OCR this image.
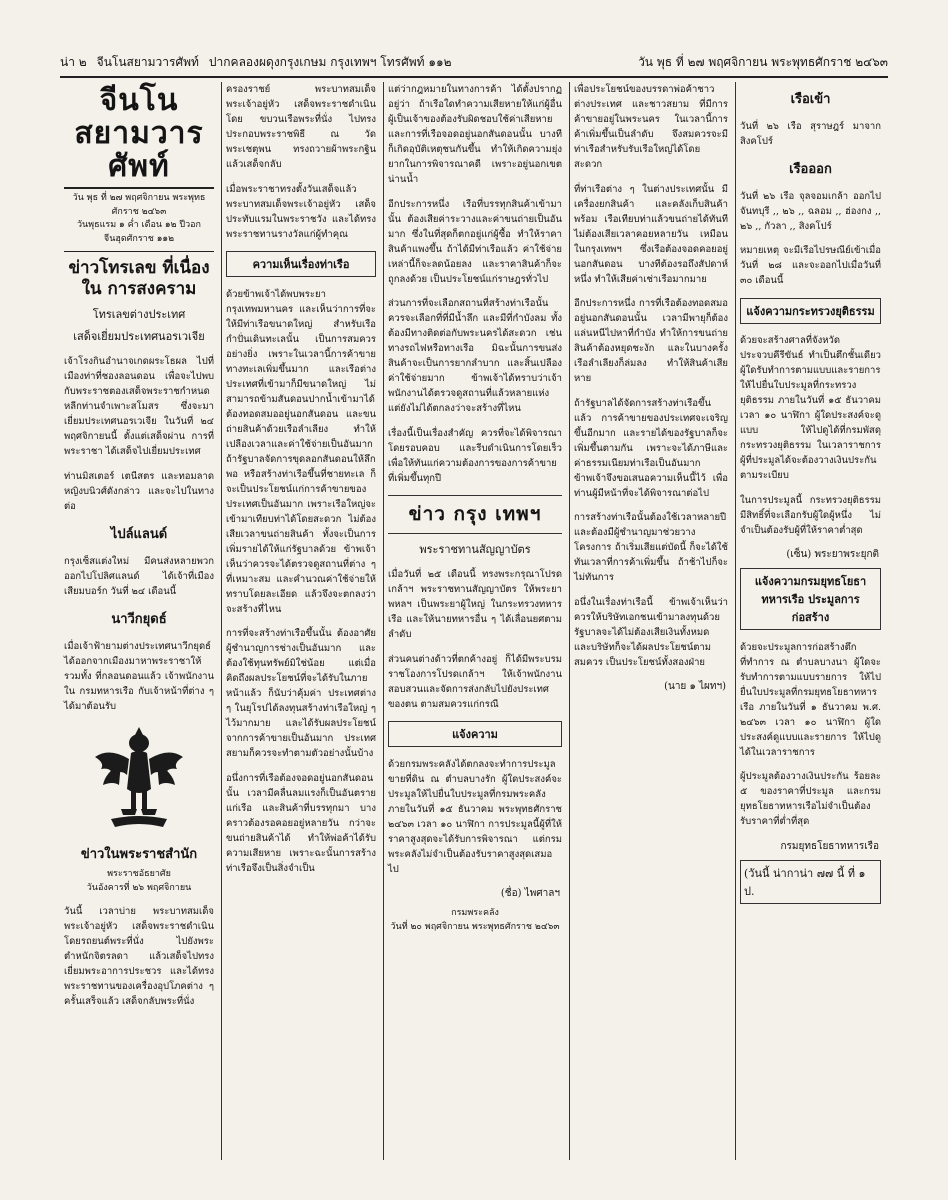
น่า ๒ จีนโนสยามวารศัพท์ ปากคลองผดุงกรุงเกษม กรุงเทพฯ โทรศัพท์ ๑๑๒	วัน พุธ ที่ ๒๗ พฤศจิกายน พระพุทธศักราช ๒๔๖๓
จีนโนสยามวารศัพท์
วัน พุธ ที่ ๒๗ พฤศจิกายน พระพุทธศักราช ๒๔๖๓
วันพุธแรม ๑ ค่ำ เดือน ๑๒ ปีวอก
จีนฮุดศักราช ๑๑๒
ข่าวโทรเลข ที่เนื่องใน การสงคราม
โทรเลขต่างประเทศ
เสด็จเยี่ยมประเทศนอรเวเจีย

เจ้าโรงกินอำนาจเกดผระโธผล ไปที่เมืองท่าที่ชองลอนดอน เพื่อจะไปพบกับพระราชตองเสด็จพระราชกำหนด หลีกท่านจำเพาะสโมสร ซึ่งจะมาเยี่ยมประเทศนอรเวเจีย ในวันที่ ๒๔ พฤศจิกายนนี้ ตั้งแต่เสด็จผ่าน การที่พระราชา ได้เสด็จไปเยี่ยมประเทศ

ท่านมิสเตอร์ เตนีสตร และทอมลาดหญิงบนิวศ์ดังกล่าว และจะไปในทางต่อ

ไปล์แลนด์

กรุงเซ็สแต่งใหม่ มีคนส่งหลายพวกออกไปโปลิศแลนด์ ได้เจ้าที่เมือง เสียมบอร์ก วันที่ ๒๔ เดือนนี้

นาวีกยุดธ์

เมื่อเจ้าฟ้ายามต่างประเทศนาวีกยุดธ์ ได้ออกจากเมืองมาหาพระราชาให้ รวมทั้ง ที่กลอนดอนแล้ว เจ้าพนักงานใน กรมทหารเรือ กับเจ้าหน้าที่ต่าง ๆ ได้มาต้อนรับ

ข่าวในพระราชสำนัก
พระราชอัธยาศัย
วันอังคารที่ ๒๖ พฤศจิกายน

วันนี้ เวลาบ่าย พระบาทสมเด็จพระเจ้าอยู่หัว เสด็จพระราชดำเนินโดยรถยนต์พระที่นั่ง ไปยังพระตำหนักจิตรลดา แล้วเสด็จไปทรงเยี่ยมพระอาการประชวร และได้ทรงพระราชทานของเครื่องอุปโภคต่าง ๆ ครั้นเสร็จแล้ว เสด็จกลับพระที่นั่ง

ครองราชย์ พระบาทสมเด็จพระเจ้าอยู่หัว เสด็จพระราชดำเนินโดย ขบวนเรือพระที่นั่ง ไปทรงประกอบพระราชพิธี ณ วัดพระเชตุพน ทรงถวายผ้าพระกฐิน แล้วเสด็จกลับ

เมื่อพระราชาทรงตั้งวันเสด็จแล้ว พระบาทสมเด็จพระเจ้าอยู่หัว เสด็จประทับแรมในพระราชวัง และได้ทรงพระราชทานรางวัลแก่ผู้ทำคุณ

ความเห็นเรื่องท่าเรือ

ด้วยข้าพเจ้าได้พบพระยา กรุงเทพมหานคร และเห็นว่าการที่จะให้มีท่าเรือขนาดใหญ่ สำหรับเรือกำปั่นเดินทะเลนั้น เป็นการสมควรอย่างยิ่ง เพราะในเวลานี้การค้าขายทางทะเลเพิ่มขึ้นมาก และเรือต่างประเทศที่เข้ามาก็มีขนาดใหญ่ ไม่สามารถข้ามสันดอนปากน้ำเข้ามาได้ ต้องทอดสมออยู่นอกสันดอน และขนถ่ายสินค้าด้วยเรือลำเลียง ทำให้เปลืองเวลาและค่าใช้จ่ายเป็นอันมาก ถ้ารัฐบาลจัดการขุดลอกสันดอนให้ลึกพอ หรือสร้างท่าเรือขึ้นที่ชายทะเล ก็จะเป็นประโยชน์แก่การค้าขายของประเทศเป็นอันมาก เพราะเรือใหญ่จะเข้ามาเทียบท่าได้โดยสะดวก ไม่ต้องเสียเวลาขนถ่ายสินค้า ทั้งจะเป็นการเพิ่มรายได้ให้แก่รัฐบาลด้วย ข้าพเจ้าเห็นว่าควรจะได้ตรวจดูสถานที่ต่าง ๆ ที่เหมาะสม และคำนวณค่าใช้จ่ายให้ทราบโดยละเอียด แล้วจึงจะตกลงว่าจะสร้างที่ไหน

การที่จะสร้างท่าเรือขึ้นนั้น ต้องอาศัยผู้ชำนาญการช่างเป็นอันมาก และต้องใช้ทุนทรัพย์มิใช่น้อย แต่เมื่อคิดถึงผลประโยชน์ที่จะได้รับในภายหน้าแล้ว ก็นับว่าคุ้มค่า ประเทศต่าง ๆ ในยุโรปได้ลงทุนสร้างท่าเรือใหญ่ ๆ ไว้มากมาย และได้รับผลประโยชน์จากการค้าขายเป็นอันมาก ประเทศสยามก็ควรจะทำตามตัวอย่างนั้นบ้าง

อนึ่งการที่เรือต้องจอดอยู่นอกสันดอนนั้น เวลามีคลื่นลมแรงก็เป็นอันตรายแก่เรือ และสินค้าที่บรรทุกมา บางคราวต้องรอคอยอยู่หลายวัน กว่าจะขนถ่ายสินค้าได้ ทำให้พ่อค้าได้รับความเสียหาย เพราะฉะนั้นการสร้างท่าเรือจึงเป็นสิ่งจำเป็น

แต่ว่ากฎหมายในทางการค้า ได้ตั้งปรากฏอยู่ว่า ถ้าเรือใดทำความเสียหายให้แก่ผู้อื่น ผู้เป็นเจ้าของต้องรับผิดชอบใช้ค่าเสียหาย และการที่เรือจอดอยู่นอกสันดอนนั้น บางทีก็เกิดอุบัติเหตุชนกันขึ้น ทำให้เกิดความยุ่งยากในการพิจารณาคดี เพราะอยู่นอกเขตน่านน้ำ

อีกประการหนึ่ง เรือที่บรรทุกสินค้าเข้ามานั้น ต้องเสียค่าระวางและค่าขนถ่ายเป็นอันมาก ซึ่งในที่สุดก็ตกอยู่แก่ผู้ซื้อ ทำให้ราคาสินค้าแพงขึ้น ถ้าได้มีท่าเรือแล้ว ค่าใช้จ่ายเหล่านี้ก็จะลดน้อยลง และราคาสินค้าก็จะถูกลงด้วย เป็นประโยชน์แก่ราษฎรทั่วไป

ส่วนการที่จะเลือกสถานที่สร้างท่าเรือนั้น ควรจะเลือกที่ที่มีน้ำลึก และมีที่กำบังลม ทั้งต้องมีทางติดต่อกับพระนครได้สะดวก เช่นทางรถไฟหรือทางเรือ มิฉะนั้นการขนส่งสินค้าจะเป็นการยากลำบาก และสิ้นเปลืองค่าใช้จ่ายมาก ข้าพเจ้าได้ทราบว่าเจ้าพนักงานได้ตรวจดูสถานที่แล้วหลายแห่ง แต่ยังไม่ได้ตกลงว่าจะสร้างที่ไหน

เรื่องนี้เป็นเรื่องสำคัญ ควรที่จะได้พิจารณาโดยรอบคอบ และรีบดำเนินการโดยเร็ว เพื่อให้ทันแก่ความต้องการของการค้าขายที่เพิ่มขึ้นทุกปี

ข่าว กรุง เทพฯ
พระราชทานสัญญาบัตร

เมื่อวันที่ ๒๕ เดือนนี้ ทรงพระกรุณาโปรดเกล้าฯ พระราชทานสัญญาบัตร ให้พระยาพหลฯ เป็นพระยาผู้ใหญ่ ในกระทรวงทหารเรือ และให้นายทหารอื่น ๆ ได้เลื่อนยศตามลำดับ

ส่วนคนต่างด้าวที่ตกค้างอยู่ ก็ได้มีพระบรมราชโองการโปรดเกล้าฯ ให้เจ้าพนักงานสอบสวนและจัดการส่งกลับไปยังประเทศของตน ตามสมควรแก่กรณี

แจ้งความ

ด้วยกรมพระคลังได้ตกลงจะทำการประมูลขายที่ดิน ณ ตำบลบางรัก ผู้ใดประสงค์จะประมูลให้ไปยื่นใบประมูลที่กรมพระคลัง ภายในวันที่ ๑๕ ธันวาคม พระพุทธศักราช ๒๔๖๓ เวลา ๑๐ นาฬิกา การประมูลนี้ผู้ที่ให้ราคาสูงสุดจะได้รับการพิจารณา แต่กรมพระคลังไม่จำเป็นต้องรับราคาสูงสุดเสมอไป

(ชื่อ) ไพศาลฯ
กรมพระคลัง
วันที่ ๒๐ พฤศจิกายน พระพุทธศักราช ๒๔๖๓

เพื่อประโยชน์ของบรรดาพ่อค้าชาวต่างประเทศ และชาวสยาม ที่มีการค้าขายอยู่ในพระนคร ในเวลานี้การค้าเพิ่มขึ้นเป็นลำดับ จึงสมควรจะมีท่าเรือสำหรับรับเรือใหญ่ได้โดยสะดวก

ที่ท่าเรือต่าง ๆ ในต่างประเทศนั้น มีเครื่องยกสินค้า และคลังเก็บสินค้าพร้อม เรือเทียบท่าแล้วขนถ่ายได้ทันที ไม่ต้องเสียเวลาคอยหลายวัน เหมือนในกรุงเทพฯ ซึ่งเรือต้องจอดคอยอยู่นอกสันดอน บางทีต้องรอถึงสัปดาห์หนึ่ง ทำให้เสียค่าเช่าเรือมากมาย

อีกประการหนึ่ง การที่เรือต้องทอดสมออยู่นอกสันดอนนั้น เวลามีพายุก็ต้องแล่นหนีไปหาที่กำบัง ทำให้การขนถ่ายสินค้าต้องหยุดชะงัก และในบางครั้งเรือลำเลียงก็ล่มลง ทำให้สินค้าเสียหาย

ถ้ารัฐบาลได้จัดการสร้างท่าเรือขึ้นแล้ว การค้าขายของประเทศจะเจริญขึ้นอีกมาก และรายได้ของรัฐบาลก็จะเพิ่มขึ้นตามกัน เพราะจะได้ภาษีและค่าธรรมเนียมท่าเรือเป็นอันมาก ข้าพเจ้าจึงขอเสนอความเห็นนี้ไว้ เพื่อท่านผู้มีหน้าที่จะได้พิจารณาต่อไป

การสร้างท่าเรือนั้นต้องใช้เวลาหลายปี และต้องมีผู้ชำนาญมาช่วยวางโครงการ ถ้าเริ่มเสียแต่บัดนี้ ก็จะได้ใช้ทันเวลาที่การค้าเพิ่มขึ้น ถ้าช้าไปก็จะไม่ทันการ

อนึ่งในเรื่องท่าเรือนี้ ข้าพเจ้าเห็นว่าควรให้บริษัทเอกชนเข้ามาลงทุนด้วย รัฐบาลจะได้ไม่ต้องเสียเงินทั้งหมด และบริษัทก็จะได้ผลประโยชน์ตามสมควร เป็นประโยชน์ทั้งสองฝ่าย

(นาย ๑ ไผทฯ)
เรือเข้า

วันที่ ๒๖ เรือ สุราษฎร์ มาจาก สิงคโปร์

เรือออก

วันที่ ๒๖ เรือ จุลจอมเกล้า ออกไป จันทบุรี ,, ๒๖ ,, ฉลอม ,, ฮ่องกง ,, ๒๖ ,, กัวลา ,, สิงคโปร์

หมายเหตุ จะมีเรือไปรษณีย์เข้าเมื่อวันที่ ๒๘ และจะออกไปเมื่อวันที่ ๓๐ เดือนนี้

แจ้งความกระทรวงยุติธรรม

ด้วยจะสร้างศาลที่จังหวัดประจวบคีรีขันธ์ ทำเป็นตึกชั้นเดียว ผู้ใดรับทำการตามแบบและรายการ ให้ไปยื่นใบประมูลที่กระทรวงยุติธรรม ภายในวันที่ ๑๕ ธันวาคม เวลา ๑๐ นาฬิกา ผู้ใดประสงค์จะดูแบบ ให้ไปดูได้ที่กรมพัสดุ กระทรวงยุติธรรม ในเวลาราชการ ผู้ที่ประมูลได้จะต้องวางเงินประกันตามระเบียบ

ในการประมูลนี้ กระทรวงยุติธรรม มีสิทธิ์ที่จะเลือกรับผู้ใดผู้หนึ่ง ไม่จำเป็นต้องรับผู้ที่ให้ราคาต่ำสุด

(เซ็น) พระยาพระยุกติ
แจ้งความกรมยุทธโยธาทหารเรือ ประมูลการก่อสร้าง

ด้วยจะประมูลการก่อสร้างตึกที่ทำการ ณ ตำบลบางนา ผู้ใดจะรับทำการตามแบบรายการ ให้ไปยื่นใบประมูลที่กรมยุทธโยธาทหารเรือ ภายในวันที่ ๑ ธันวาคม พ.ศ. ๒๔๖๓ เวลา ๑๐ นาฬิกา ผู้ใดประสงค์ดูแบบและรายการ ให้ไปดูได้ในเวลาราชการ

ผู้ประมูลต้องวางเงินประกัน ร้อยละ ๕ ของราคาที่ประมูล และกรมยุทธโยธาทหารเรือไม่จำเป็นต้องรับราคาที่ต่ำที่สุด

กรมยุทธโยธาทหารเรือ
(วันนี้ น่ากาน่า ๗๗ นี้ ที่ ๑ ป.
